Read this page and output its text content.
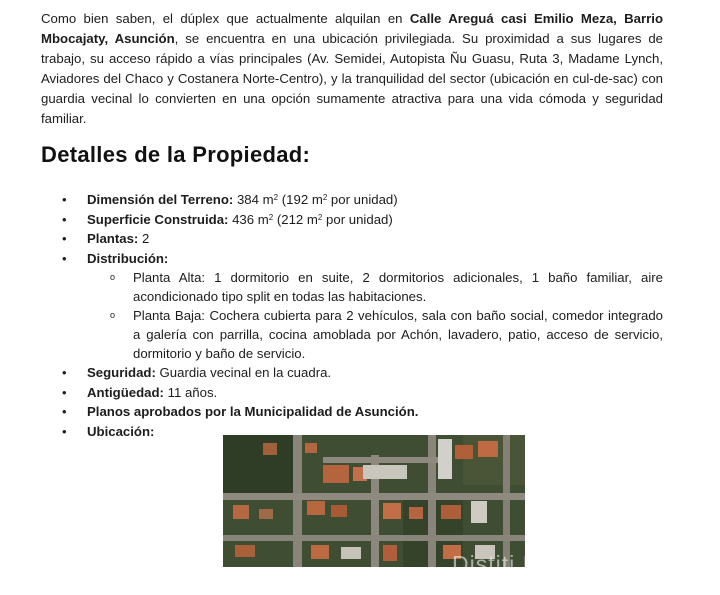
Como bien saben, el dúplex que actualmente alquilan en Calle Areguá casi Emilio Meza, Barrio Mbocajaty, Asunción, se encuentra en una ubicación privilegiada. Su proximidad a sus lugares de trabajo, su acceso rápido a vías principales (Av. Semidei, Autopista Ñu Guasu, Ruta 3, Madame Lynch, Aviadores del Chaco y Costanera Norte-Centro), y la tranquilidad del sector (ubicación en cul-de-sac) con guardia vecinal lo convierten en una opción sumamente atractiva para una vida cómoda y seguridad familiar.

Detalles de la Propiedad:
• Dimensión del Terreno: 384 $m^2$ (192 $m^2$ por unidad)
• Superficie Construida: 436 $m^2$ (212 $m^2$ por unidad)
• Plantas: 2
• Distribución:
o Planta Alta: 1 dormitorio en suite, 2 dormitorios adicionales, 1 baño familiar, aire acondicionado tipo split en todas las habitaciones.
o Planta Baja: Cochera cubierta para 2 vehículos, sala con baño social, comedor integrado a galería con parrilla, cocina amoblada por Achón, lavadero, patio, acceso de servicio, dormitorio y baño de servicio.
• Seguridad: Guardia vecinal en la cuadra.
• Antigüedad: 11 años.
• Planos aprobados por la Municipalidad de Asunción.
• Ubicación:
Distiti Propiedades
